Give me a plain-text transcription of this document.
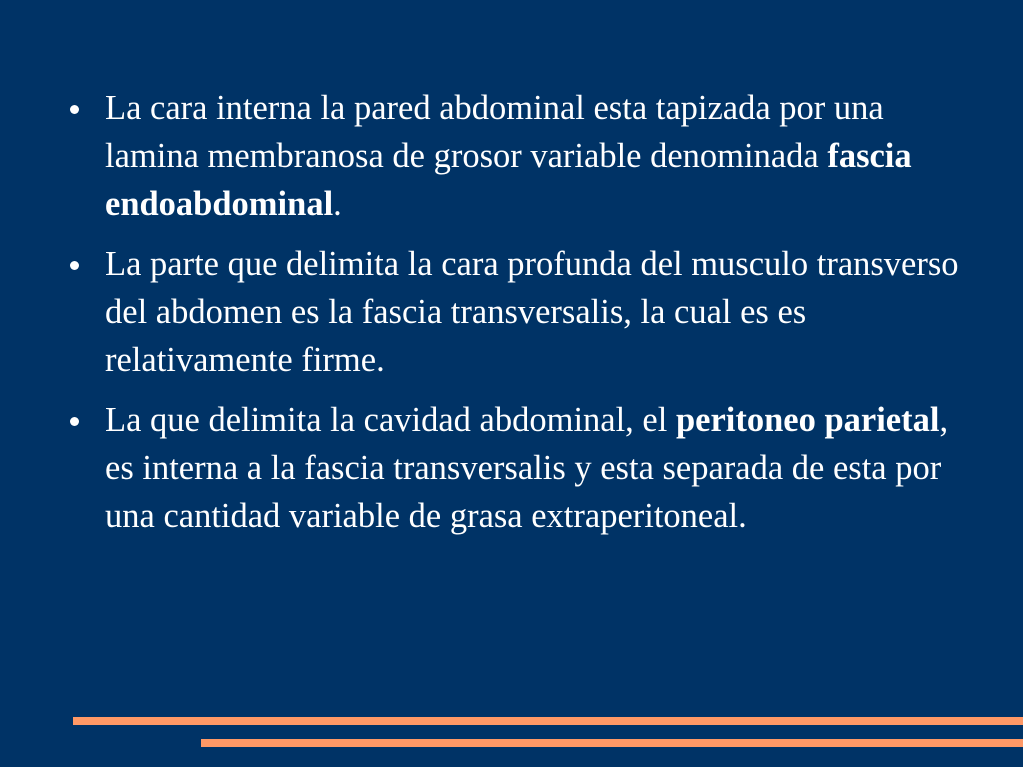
La cara interna la pared abdominal esta tapizada por una lamina membranosa de grosor variable denominada fascia endoabdominal.
La parte que delimita la cara profunda del musculo transverso del abdomen es la fascia transversalis, la cual es es relativamente firme.
La que delimita la cavidad abdominal, el peritoneo parietal, es interna a la fascia transversalis y esta separada de esta por una cantidad variable de grasa extraperitoneal.
